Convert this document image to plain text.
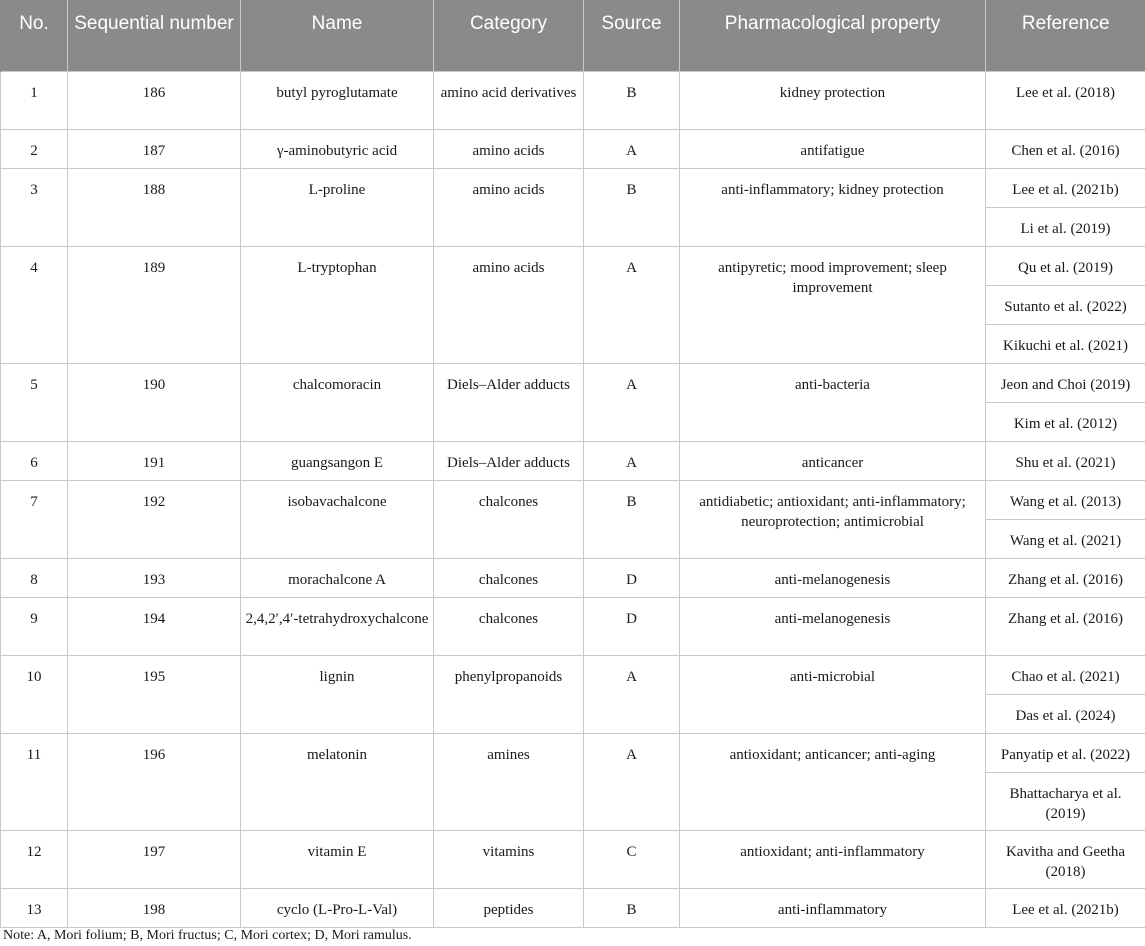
No.	Sequential number	Name	Category	Source	Pharmacological property	Reference

1	186	butyl pyroglutamate	amino acid derivatives	B	kidney protection	Lee et al. (2018)
2	187	γ-aminobutyric acid	amino acids	A	antifatigue	Chen et al. (2016)
3	188	L-proline	amino acids	B	anti-inflammatory; kidney protection	Lee et al. (2021b)
						Li et al. (2019)
4	189	L-tryptophan	amino acids	A	antipyretic; mood improvement; sleep improvement	Qu et al. (2019)
						Sutanto et al. (2022)
						Kikuchi et al. (2021)
5	190	chalcomoracin	Diels–Alder adducts	A	anti-bacteria	Jeon and Choi (2019)
						Kim et al. (2012)
6	191	guangsangon E	Diels–Alder adducts	A	anticancer	Shu et al. (2021)
7	192	isobavachalcone	chalcones	B	antidiabetic; antioxidant; anti-inflammatory; neuroprotection; antimicrobial	Wang et al. (2013)
						Wang et al. (2021)
8	193	morachalcone A	chalcones	D	anti-melanogenesis	Zhang et al. (2016)
9	194	2,4,2′,4′-tetrahydroxychalcone	chalcones	D	anti-melanogenesis	Zhang et al. (2016)
10	195	lignin	phenylpropanoids	A	anti-microbial	Chao et al. (2021)
						Das et al. (2024)
11	196	melatonin	amines	A	antioxidant; anticancer; anti-aging	Panyatip et al. (2022)
						Bhattacharya et al. (2019)
12	197	vitamin E	vitamins	C	antioxidant; anti-inflammatory	Kavitha and Geetha (2018)
13	198	cyclo (L-Pro-L-Val)	peptides	B	anti-inflammatory	Lee et al. (2021b)
Note: A, Mori folium; B, Mori fructus; C, Mori cortex; D, Mori ramulus.
